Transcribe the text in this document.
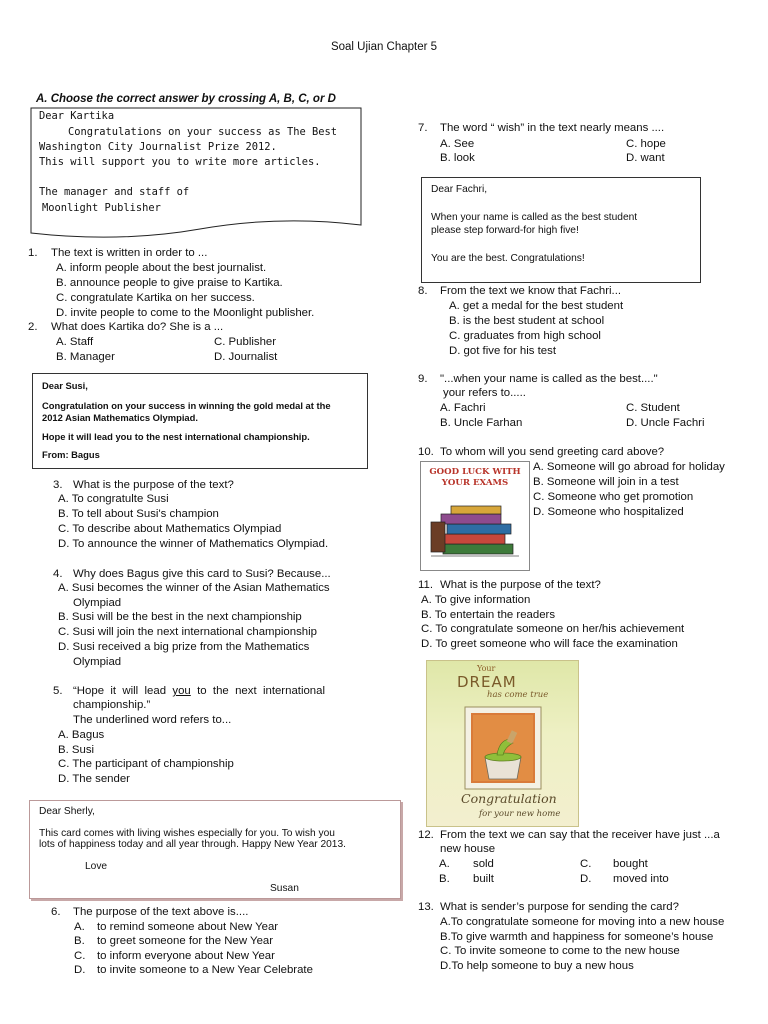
Soal Ujian Chapter 5
A. Choose the correct answer by crossing A, B, C, or D
Dear Kartika
Congratulations on your success as The Best
Washington City Journalist Prize 2012.
This will support you to write more articles.
The manager and staff of
Moonlight Publisher
1. The text is written in order to ...
A. inform people about the best journalist.
B. announce people to give praise to Kartika.
C. congratulate Kartika on her success.
D. invite people to come to the Moonlight publisher.
2. What does Kartika do? She is a ...
A. Staff
B. Manager
C. Publisher
D. Journalist
Dear Susi,
Congratulation on your success in winning the gold medal at the
2012 Asian Mathematics Olympiad.
Hope it will lead you to the nest international championship.
From: Bagus
3. What is the purpose of the text?
A. To congratulte Susi
B. To tell about Susi's champion
C. To describe about Mathematics Olympiad
D. To announce the winner of Mathematics Olympiad.
4. Why does Bagus give this card to Susi? Because...
A. Susi becomes the winner of the Asian Mathematics
Olympiad
B. Susi will be the best in the next championship
C. Susi will join the next international championship
D. Susi received a big prize from the Mathematics
Olympiad
5. “Hope  it  will  lead  you  to  the  next  international
championship.”
The underlined word refers to...
A. Bagus
B. Susi
C. The participant of championship
D. The sender
Dear Sherly,
This card comes with living wishes especially for you. To wish you
lots of happiness today and all year through. Happy New Year 2013.
Love
Susan
6. The purpose of the text above is....
A. to remind someone about New Year
B. to greet someone for the New Year
C. to inform everyone about New Year
D. to invite someone to a New Year Celebrate
7. The word “ wish” in the text nearly means ....
A. See
B. look
C. hope
D. want
Dear Fachri,
When your name is called as the best student
please step forward-for high five!
You are the best. Congratulations!
8. From the text we know that Fachri...
A. get a medal for the best student
B. is the best student at school
C. graduates from high school
D. got five for his test
9. "...when your name is called as the best...."
your refers to.....
A. Fachri
B. Uncle Farhan
C. Student
D. Uncle Fachri
10. To whom will you send greeting card above?
GOOD LUCK WITH
YOUR EXAMS
A. Someone will go abroad for holiday
B. Someone will join in a test
C. Someone who get promotion
D. Someone who hospitalized
11. What is the purpose of the text?
A. To give information
B. To entertain the readers
C. To congratulate someone on her/his achievement
D. To greet someone who will face the examination
Your
DREAM
has come true
Congratulation
for your new home
12. From the text we can say that the receiver have just ...a
new house
A. sold
B. built
C. bought
D. moved into
13. What is sender’s purpose for sending the card?
A.To congratulate someone for moving into a new house
B.To give warmth and happiness for someone’s house
C. To invite someone to come to the new house
D.To help someone to buy a new hous
